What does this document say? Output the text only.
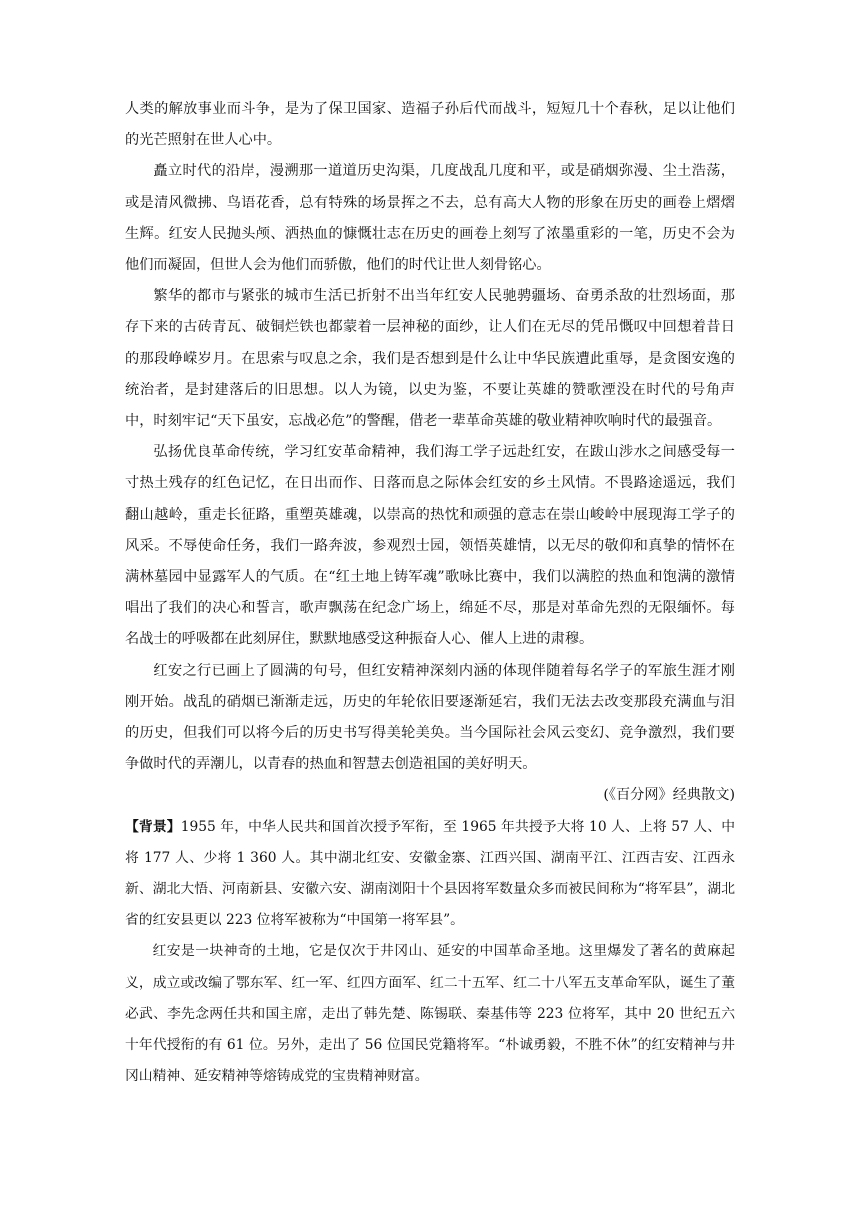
人类的解放事业而斗争，是为了保卫国家、造福子孙后代而战斗，短短几十个春秋，足以让他们的光芒照射在世人心中。

矗立时代的沿岸，漫溯那一道道历史沟渠，几度战乱几度和平，或是硝烟弥漫、尘土浩荡，或是清风微拂、鸟语花香，总有特殊的场景挥之不去，总有高大人物的形象在历史的画卷上熠熠生辉。红安人民抛头颅、洒热血的慷慨壮志在历史的画卷上刻写了浓墨重彩的一笔，历史不会为他们而凝固，但世人会为他们而骄傲，他们的时代让世人刻骨铭心。

繁华的都市与紧张的城市生活已折射不出当年红安人民驰骋疆场、奋勇杀敌的壮烈场面，那存下来的古砖青瓦、破铜烂铁也都蒙着一层神秘的面纱，让人们在无尽的凭吊慨叹中回想着昔日的那段峥嵘岁月。在思索与叹息之余，我们是否想到是什么让中华民族遭此重辱，是贪图安逸的统治者，是封建落后的旧思想。以人为镜，以史为鉴，不要让英雄的赞歌湮没在时代的号角声中，时刻牢记“天下虽安，忘战必危”的警醒，借老一辈革命英雄的敬业精神吹响时代的最强音。

弘扬优良革命传统，学习红安革命精神，我们海工学子远赴红安，在跋山涉水之间感受每一寸热土残存的红色记忆，在日出而作、日落而息之际体会红安的乡土风情。不畏路途遥远，我们翻山越岭，重走长征路，重塑英雄魂，以崇高的热忱和顽强的意志在崇山峻岭中展现海工学子的风采。不辱使命任务，我们一路奔波，参观烈士园，领悟英雄情，以无尽的敬仰和真挚的情怀在满林墓园中显露军人的气质。在“红土地上铸军魂”歌咏比赛中，我们以满腔的热血和饱满的激情唱出了我们的决心和誓言，歌声飘荡在纪念广场上，绵延不尽，那是对革命先烈的无限缅怀。每名战士的呼吸都在此刻屏住，默默地感受这种振奋人心、催人上进的肃穆。

红安之行已画上了圆满的句号，但红安精神深刻内涵的体现伴随着每名学子的军旅生涯才刚刚开始。战乱的硝烟已渐渐走远，历史的年轮依旧要逐渐延宕，我们无法去改变那段充满血与泪的历史，但我们可以将今后的历史书写得美轮美奂。当今国际社会风云变幻、竞争激烈，我们要争做时代的弄潮儿，以青春的热血和智慧去创造祖国的美好明天。

(《百分网》经典散文)

【背景】1955 年，中华人民共和国首次授予军衔，至 1965 年共授予大将 10 人、上将 57 人、中将 177 人、少将 1 360 人。其中湖北红安、安徽金寨、江西兴国、湖南平江、江西吉安、江西永新、湖北大悟、河南新县、安徽六安、湖南浏阳十个县因将军数量众多而被民间称为“将军县”，湖北省的红安县更以 223 位将军被称为“中国第一将军县”。

红安是一块神奇的土地，它是仅次于井冈山、延安的中国革命圣地。这里爆发了著名的黄麻起义，成立或改编了鄂东军、红一军、红四方面军、红二十五军、红二十八军五支革命军队，诞生了董必武、李先念两任共和国主席，走出了韩先楚、陈锡联、秦基伟等 223 位将军，其中 20 世纪五六十年代授衔的有 61 位。另外，走出了 56 位国民党籍将军。“朴诚勇毅，不胜不休”的红安精神与井冈山精神、延安精神等熔铸成党的宝贵精神财富。
